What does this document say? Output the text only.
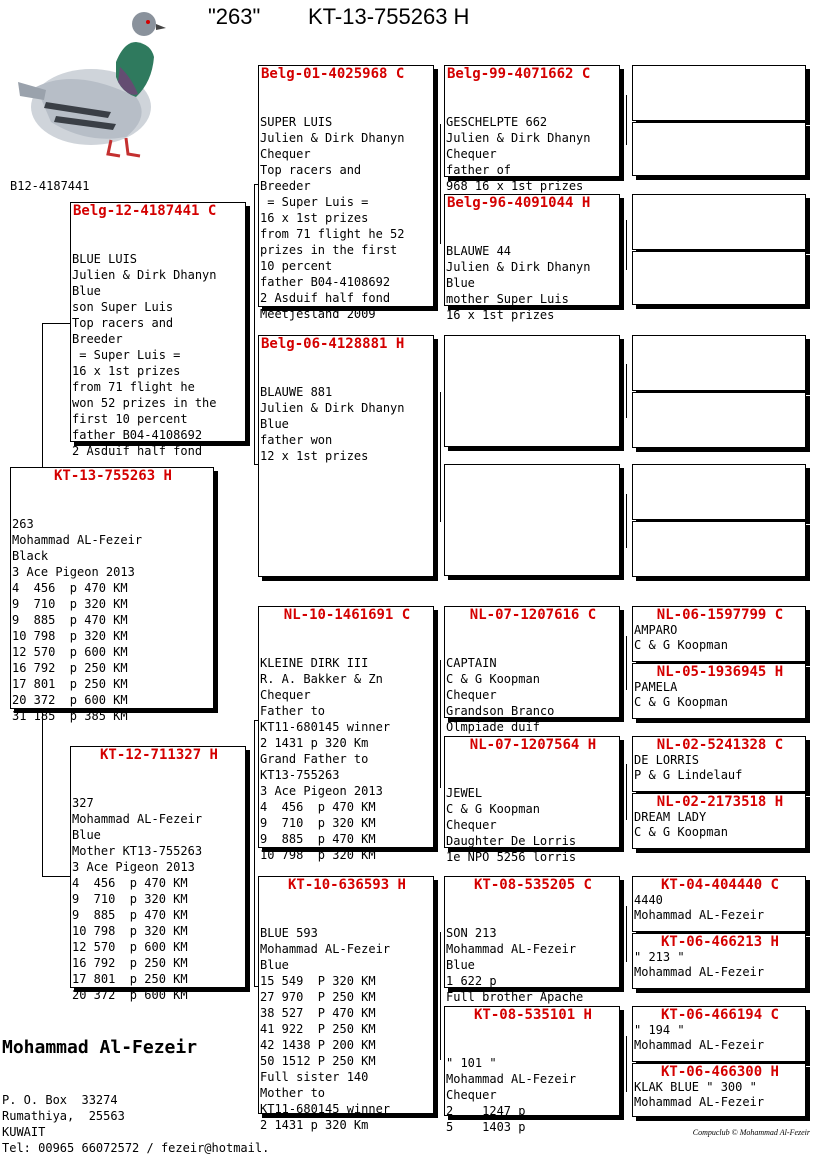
"263" KT-13-755263 H
B12-4187441
KT-13-755263 H

263
Mohammad AL-Fezeir
Black
3 Ace Pigeon 2013
4  456  p 470 KM
9  710  p 320 KM
9  885  p 470 KM
10 798  p 320 KM
12 570  p 600 KM
16 792  p 250 KM
17 801  p 250 KM
20 372  p 600 KM
31 185  p 385 KM

Belg-12-4187441 C

BLUE LUIS
Julien & Dirk Dhanyn
Blue
son Super Luis
Top racers and
Breeder
= Super Luis =
16 x 1st prizes
from 71 flight he
won 52 prizes in the
first 10 percent
father B04-4108692
2 Asduif half fond

KT-12-711327 H

327
Mohammad AL-Fezeir
Blue
Mother KT13-755263
3 Ace Pigeon 2013
4  456  p 470 KM
9  710  p 320 KM
9  885  p 470 KM
10 798  p 320 KM
12 570  p 600 KM
16 792  p 250 KM
17 801  p 250 KM
20 372  p 600 KM

Belg-01-4025968 C

SUPER LUIS
Julien & Dirk Dhanyn
Chequer
Top racers and
Breeder
= Super Luis =
16 x 1st prizes
from 71 flight he 52
prizes in the first
10 percent
father B04-4108692
2 Asduif half fond
Meetjesland 2009

Belg-06-4128881 H

BLAUWE 881
Julien & Dirk Dhanyn
Blue
father won
12 x 1st prizes

NL-10-1461691 C

KLEINE DIRK III
R. A. Bakker & Zn
Chequer
Father to
KT11-680145 winner
2 1431 p 320 Km
Grand Father to
KT13-755263
3 Ace Pigeon 2013
4  456  p 470 KM
9  710  p 320 KM
9  885  p 470 KM
10 798  p 320 KM

KT-10-636593 H

BLUE 593
Mohammad AL-Fezeir
Blue
15 549  P 320 KM
27 970  P 250 KM
38 527  P 470 KM
41 922  P 250 KM
42 1438 P 200 KM
50 1512 P 250 KM
Full sister 140
Mother to
KT11-680145 winner
2 1431 p 320 Km

Belg-99-4071662 C

GESCHELPTE 662
Julien & Dirk Dhanyn
Chequer
father of
968 16 x 1st prizes

Belg-96-4091044 H

BLAUWE 44
Julien & Dirk Dhanyn
Blue
mother Super Luis
16 x 1st prizes

NL-07-1207616 C

CAPTAIN
C & G Koopman
Chequer
Grandson Branco
Olmpiade duif

NL-07-1207564 H

JEWEL
C & G Koopman
Chequer
Daughter De Lorris
1e NPO 5256 lorris

KT-08-535205 C

SON 213
Mohammad AL-Fezeir
Blue
1 622 p
Full brother Apache

KT-08-535101 H

" 101 "
Mohammad AL-Fezeir
Chequer
2    1247 p
5    1403 p

NL-06-1597799 C
AMPARO
C & G Koopman
NL-05-1936945 H
PAMELA
C & G Koopman
NL-02-5241328 C
DE LORRIS
P & G Lindelauf
NL-02-2173518 H
DREAM LADY
C & G Koopman
KT-04-404440 C
4440
Mohammad AL-Fezeir
KT-06-466213 H
" 213 "
Mohammad AL-Fezeir
KT-06-466194 C
" 194 "
Mohammad AL-Fezeir
KT-06-466300 H
KLAK BLUE " 300 "
Mohammad AL-Fezeir
Mohammad Al-Fezeir

P. O. Box  33274
Rumathiya,  25563
KUWAIT
Tel: 00965 66072572 / fezeir@hotmail.

Compuclub © Mohammad Al-Fezeir
